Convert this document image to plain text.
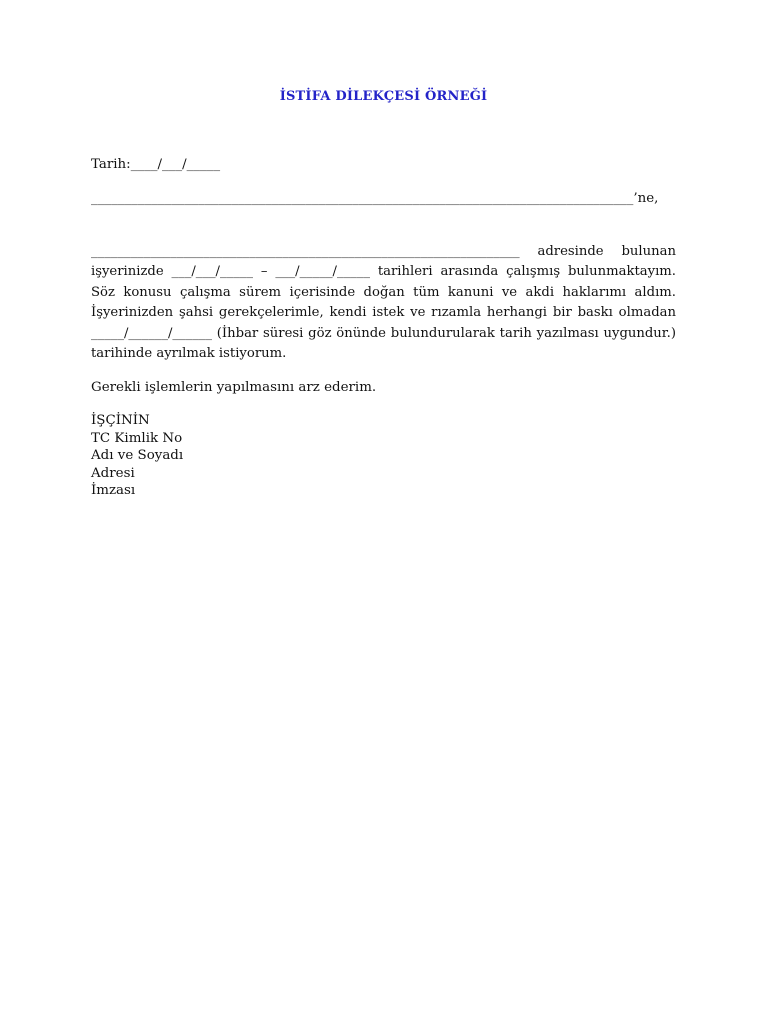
İSTİFA DİLEKÇESİ ÖRNEĞİ
Tarih:____/___/_____
_________________________________________________________________________________’ne,
_________________________________________________________________ adresinde bulunan işyerinizde ___/___/_____ – ___/_____/_____ tarihleri arasında çalışmış bulunmaktayım. Söz konusu çalışma sürem içerisinde doğan tüm kanuni ve akdi haklarımı aldım. İşyerinizden şahsi gerekçelerimle, kendi istek ve rızamla herhangi bir baskı olmadan _____/______/______ (İhbar süresi göz önünde bulundurularak tarih yazılması uygundur.) tarihinde ayrılmak istiyorum.
Gerekli işlemlerin yapılmasını arz ederim.
İŞÇİNİN
TC Kimlik No
Adı ve Soyadı
Adresi
İmzası
